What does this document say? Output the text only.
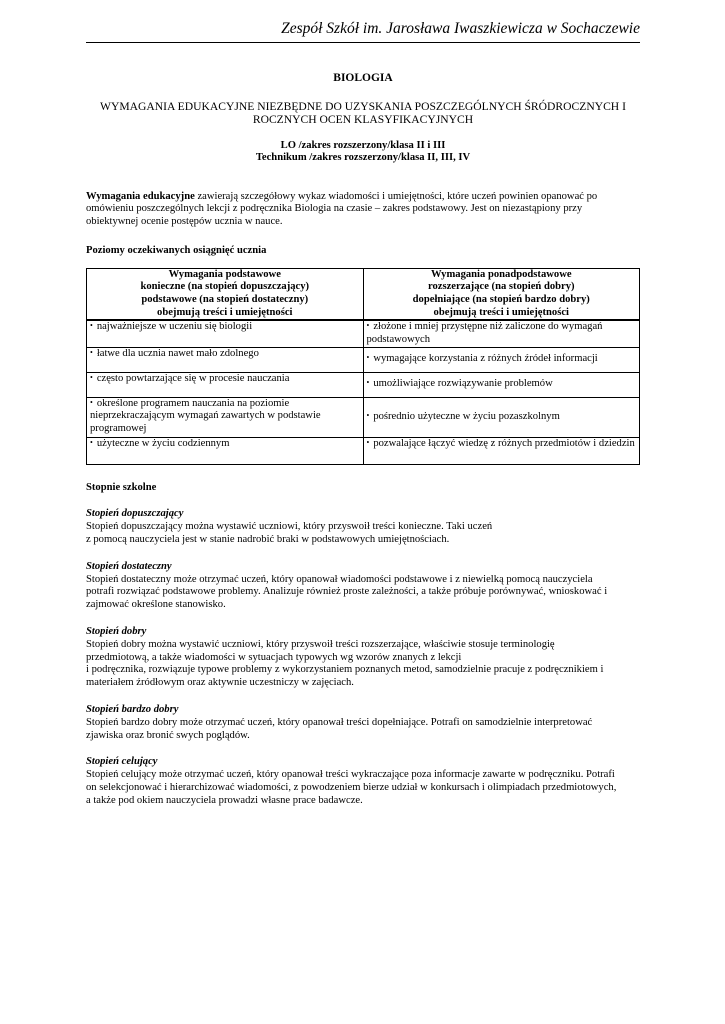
Zespół Szkół im. Jarosława Iwaszkiewicza w Sochaczewie
BIOLOGIA
WYMAGANIA EDUKACYJNE NIEZBĘDNE DO UZYSKANIA POSZCZEGÓLNYCH ŚRÓDROCZNYCH I
ROCZNYCH OCEN KLASYFIKACYJNYCH
LO /zakres rozszerzony/klasa II i III
Technikum /zakres rozszerzony/klasa II, III, IV
Wymagania edukacyjne zawierają szczegółowy wykaz wiadomości i umiejętności, które uczeń powinien opanować po
omówieniu poszczególnych lekcji z podręcznika Biologia na czasie – zakres podstawowy. Jest on niezastąpiony przy
obiektywnej ocenie postępów ucznia w nauce.
Poziomy oczekiwanych osiągnięć ucznia
Wymagania podstawowe	Wymagania ponadpodstawowe
konieczne (na stopień dopuszczający)	rozszerzające (na stopień dobry)
podstawowe (na stopień dostateczny)	dopełniające (na stopień bardzo dobry)
obejmują treści i umiejętności	obejmują treści i umiejętności
• najważniejsze w uczeniu się biologii	• złożone i mniej przystępne niż zaliczone do wymagań podstawowych
• łatwe dla ucznia nawet mało zdolnego	• wymagające korzystania z różnych źródeł informacji
• często powtarzające się w procesie nauczania	• umożliwiające rozwiązywanie problemów
• określone programem nauczania na poziomie nieprzekraczającym wymagań zawartych w podstawie programowej	• pośrednio użyteczne w życiu pozaszkolnym
• użyteczne w życiu codziennym	• pozwalające łączyć wiedzę z różnych przedmiotów i dziedzin
Stopnie szkolne
Stopień dopuszczający
Stopień dopuszczający można wystawić uczniowi, który przyswoił treści konieczne. Taki uczeń
z pomocą nauczyciela jest w stanie nadrobić braki w podstawowych umiejętnościach.
Stopień dostateczny
Stopień dostateczny może otrzymać uczeń, który opanował wiadomości podstawowe i z niewielką pomocą nauczyciela
potrafi rozwiązać podstawowe problemy. Analizuje również proste zależności, a także próbuje porównywać, wnioskować i
zajmować określone stanowisko.
Stopień dobry
Stopień dobry można wystawić uczniowi, który przyswoił treści rozszerzające, właściwie stosuje terminologię
przedmiotową, a także wiadomości w sytuacjach typowych wg wzorów znanych z lekcji
i podręcznika, rozwiązuje typowe problemy z wykorzystaniem poznanych metod, samodzielnie pracuje z podręcznikiem i
materiałem źródłowym oraz aktywnie uczestniczy w zajęciach.
Stopień bardzo dobry
Stopień bardzo dobry może otrzymać uczeń, który opanował treści dopełniające. Potrafi on samodzielnie interpretować
zjawiska oraz bronić swych poglądów.
Stopień celujący
Stopień celujący może otrzymać uczeń, który opanował treści wykraczające poza informacje zawarte w podręczniku. Potrafi
on selekcjonować i hierarchizować wiadomości, z powodzeniem bierze udział w konkursach i olimpiadach przedmiotowych,
a także pod okiem nauczyciela prowadzi własne prace badawcze.
